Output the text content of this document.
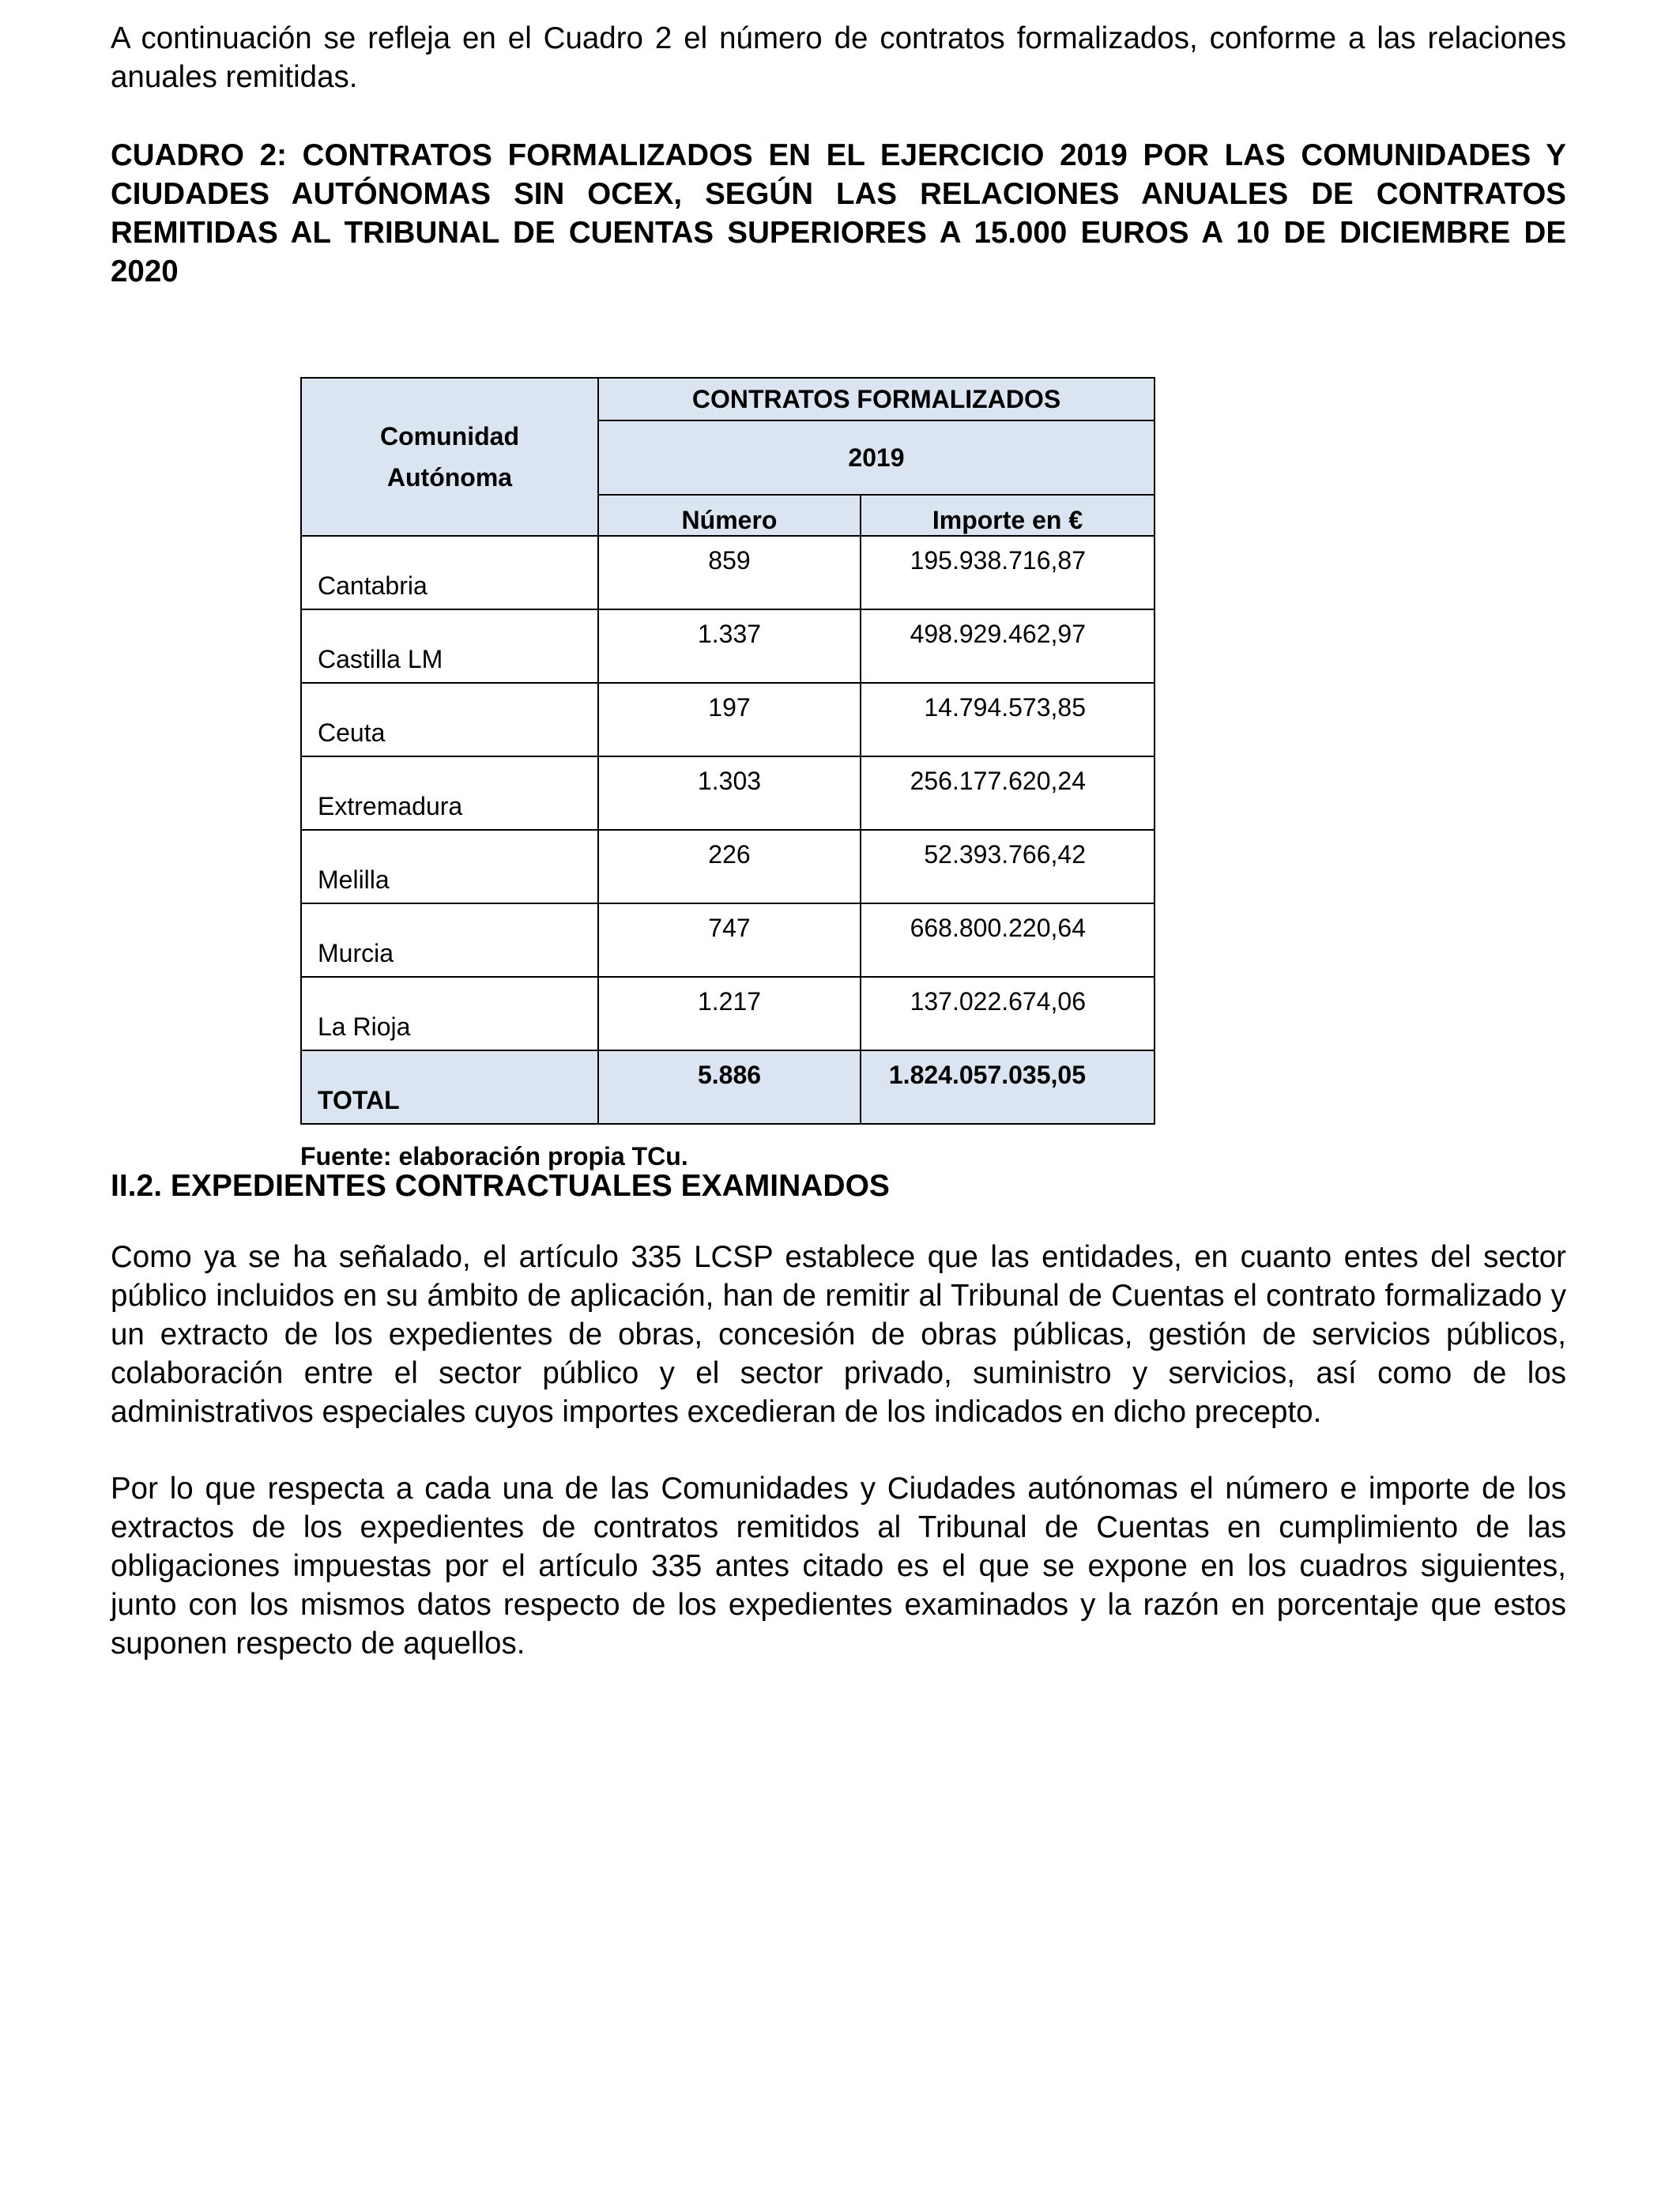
A continuación se refleja en el Cuadro 2 el número de contratos formalizados, conforme a las relaciones anuales remitidas.

CUADRO 2: CONTRATOS FORMALIZADOS EN EL EJERCICIO 2019 POR LAS COMUNIDADES Y CIUDADES AUTÓNOMAS SIN OCEX, SEGÚN LAS RELACIONES ANUALES DE CONTRATOS REMITIDAS AL TRIBUNAL DE CUENTAS SUPERIORES A 15.000 EUROS A 10 DE DICIEMBRE DE 2020

Comunidad
Autónoma	CONTRATOS FORMALIZADOS	
	2019	
	Número	Importe en €
Cantabria	859	195.938.716,87
Castilla LM	1.337	498.929.462,97
Ceuta	197	14.794.573,85
Extremadura	1.303	256.177.620,24
Melilla	226	52.393.766,42
Murcia	747	668.800.220,64
La Rioja	1.217	137.022.674,06
TOTAL	5.886	1.824.057.035,05
Fuente: elaboración propia TCu.
II.2. EXPEDIENTES CONTRACTUALES EXAMINADOS

Como ya se ha señalado, el artículo 335 LCSP establece que las entidades, en cuanto entes del sector público incluidos en su ámbito de aplicación, han de remitir al Tribunal de Cuentas el contrato formalizado y un extracto de los expedientes de obras, concesión de obras públicas, gestión de servicios públicos, colaboración entre el sector público y el sector privado, suministro y servicios, así como de los administrativos especiales cuyos importes excedieran de los indicados en dicho precepto.

Por lo que respecta a cada una de las Comunidades y Ciudades autónomas el número e importe de los extractos de los expedientes de contratos remitidos al Tribunal de Cuentas en cumplimiento de las obligaciones impuestas por el artículo 335 antes citado es el que se expone en los cuadros siguientes, junto con los mismos datos respecto de los expedientes examinados y la razón en porcentaje que estos suponen respecto de aquellos.
